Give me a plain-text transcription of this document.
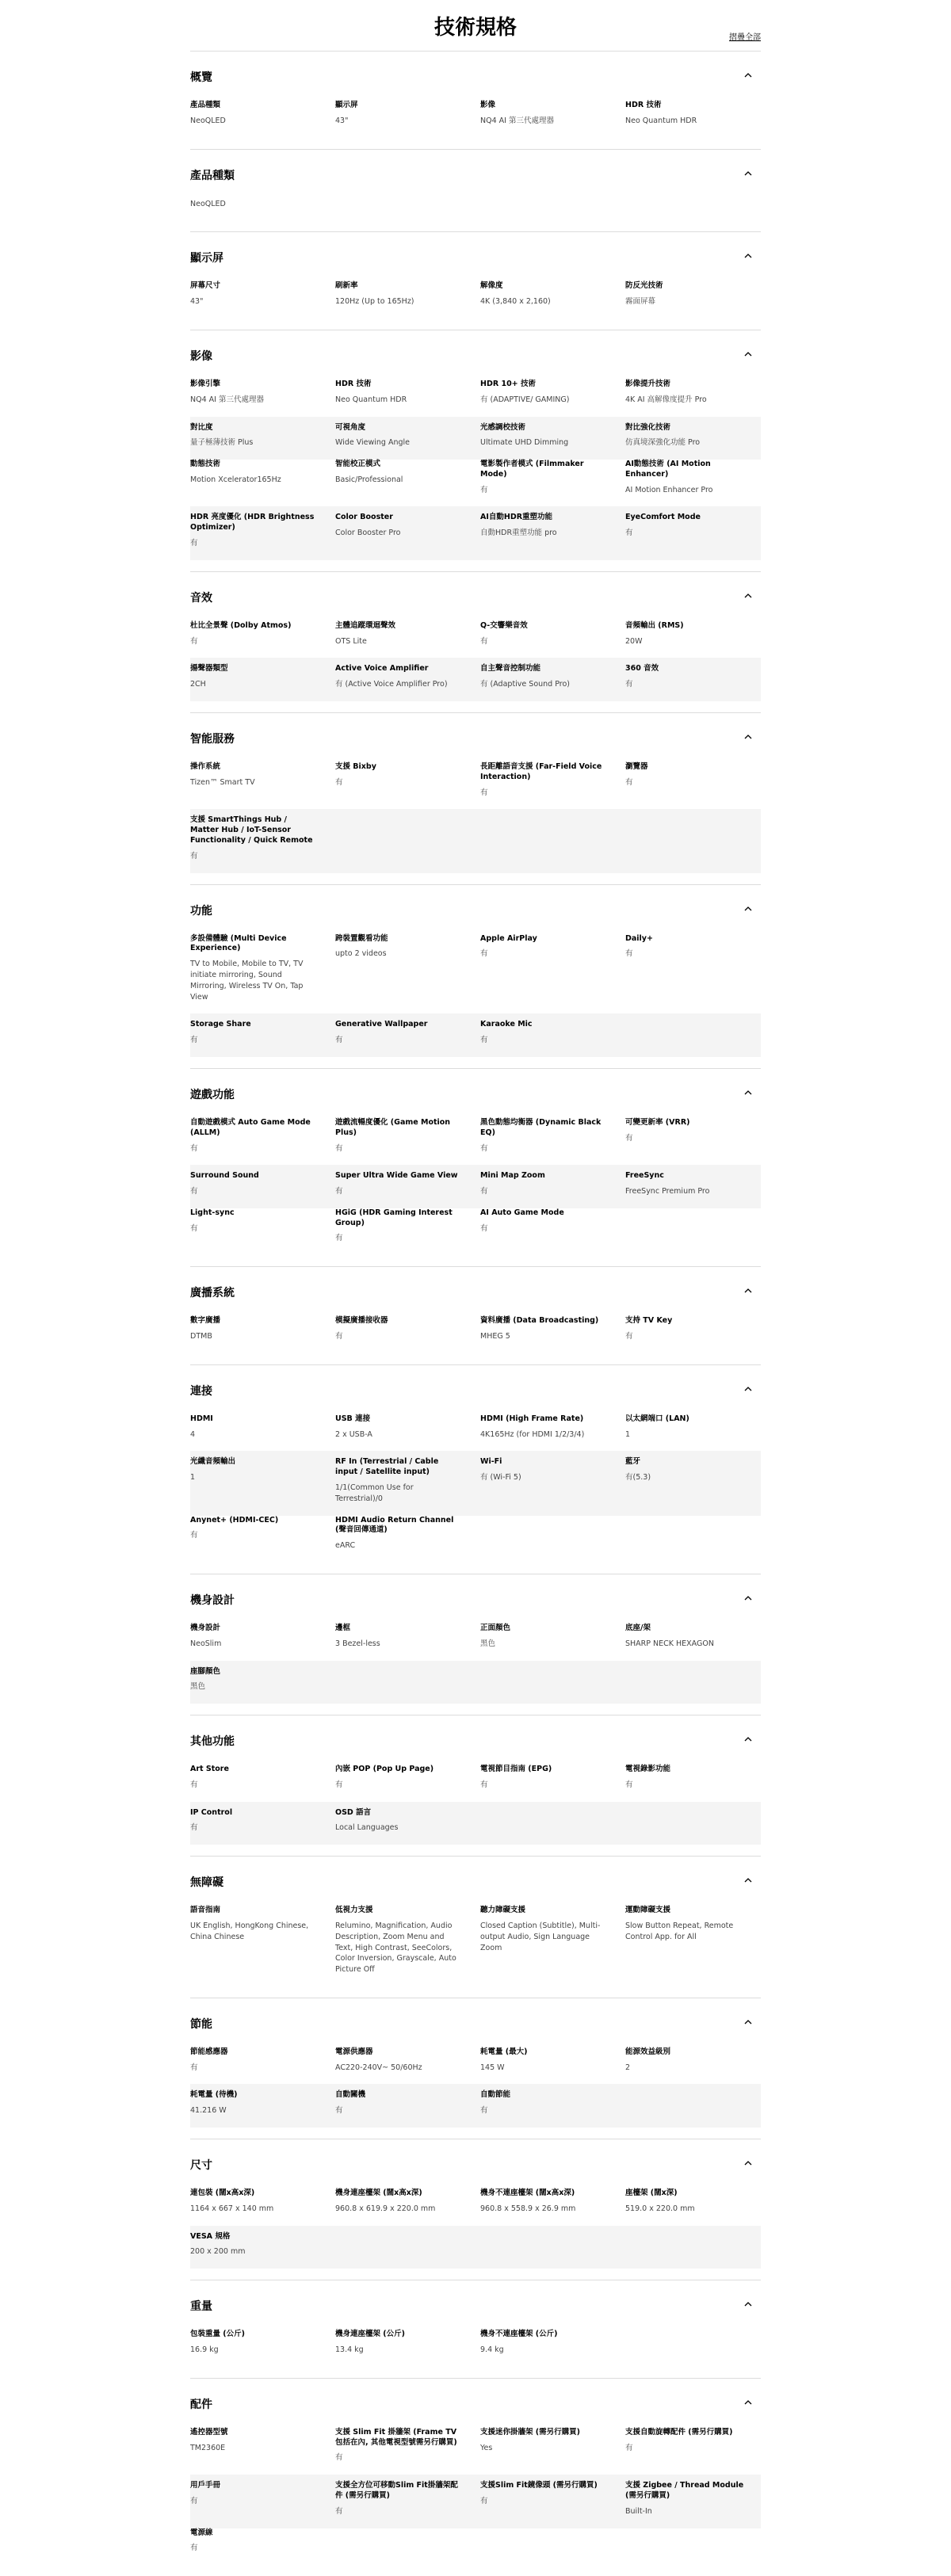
技術規格	摺疊全部
概覽
產品種類
NeoQLED
顯示屏
43"
影像
NQ4 AI 第三代處理器
HDR 技術
Neo Quantum HDR
產品種類
NeoQLED
顯示屏
屏幕尺寸
43"
刷新率
120Hz (Up to 165Hz)
解像度
4K (3,840 x 2,160)
防反光技術
霧面屏幕
影像
影像引擎
NQ4 AI 第三代處理器
HDR 技術
Neo Quantum HDR
HDR 10+ 技術
有 (ADAPTIVE/ GAMING)
影像提升技術
4K AI 高解像度提升 Pro
對比度
量子極薄技術 Plus
可視角度
Wide Viewing Angle
光感調校技術
Ultimate UHD Dimming
對比強化技術
仿真境深強化功能 Pro
動態技術
Motion Xcelerator165Hz
智能校正模式
Basic/Professional
電影製作者模式 (Filmmaker Mode)
有
AI動態技術 (AI Motion Enhancer)
AI Motion Enhancer Pro
HDR 亮度優化 (HDR Brightness Optimizer)
有
Color Booster
Color Booster Pro
AI自動HDR重塑功能
自動HDR重塑功能 pro
EyeComfort Mode
有
音效
杜比全景聲 (Dolby Atmos)
有
主體追蹤環迴聲效
OTS Lite
Q-交響樂音效
有
音頻輸出 (RMS)
20W
揚聲器類型
2CH
Active Voice Amplifier
有 (Active Voice Amplifier Pro)
自主聲音控制功能
有 (Adaptive Sound Pro)
360 音效
有
智能服務
操作系統
Tizen™ Smart TV
支援 Bixby
有
長距離語音支援 (Far-Field Voice Interaction)
有
瀏覽器
有
支援 SmartThings Hub / Matter Hub / IoT-Sensor Functionality / Quick Remote
有
功能
多設備體驗 (Multi Device Experience)
TV to Mobile, Mobile to TV, TV initiate mirroring, Sound Mirroring, Wireless TV On, Tap View
跨裝置觀看功能
upto 2 videos
Apple AirPlay
有
Daily+
有
Storage Share
有
Generative Wallpaper
有
Karaoke Mic
有
遊戲功能
自動遊戲模式 Auto Game Mode (ALLM)
有
遊戲流暢度優化 (Game Motion Plus)
有
黑色動態均衡器 (Dynamic Black EQ)
有
可變更新率 (VRR)
有
Surround Sound
有
Super Ultra Wide Game View
有
Mini Map Zoom
有
FreeSync
FreeSync Premium Pro
Light-sync
有
HGiG (HDR Gaming Interest Group)
有
AI Auto Game Mode
有
廣播系統
數字廣播
DTMB
模擬廣播接收器
有
資料廣播 (Data Broadcasting)
MHEG 5
支持 TV Key
有
連接
HDMI
4
USB 連接
2 x USB-A
HDMI (High Frame Rate)
4K165Hz (for HDMI 1/2/3/4)
以太網端口 (LAN)
1
光纖音頻輸出
1
RF In (Terrestrial / Cable input / Satellite input)
1/1(Common Use for Terrestrial)/0
Wi-Fi
有 (Wi-Fi 5)
藍牙
有(5.3)
Anynet+ (HDMI-CEC)
有
HDMI Audio Return Channel (聲音回傳通道)
eARC
機身設計
機身設計
NeoSlim
邊框
3 Bezel-less
正面顏色
黑色
底座/架
SHARP NECK HEXAGON
座腳顏色
黑色
其他功能
Art Store
有
內嵌 POP (Pop Up Page)
有
電視節目指南 (EPG)
有
電視錄影功能
有
IP Control
有
OSD 語言
Local Languages
無障礙
語音指南
UK English, HongKong Chinese, China Chinese
低視力支援
Relumino, Magnification, Audio Description, Zoom Menu and Text, High Contrast, SeeColors, Color Inversion, Grayscale, Auto Picture Off
聽力障礙支援
Closed Caption (Subtitle), Multi-output Audio, Sign Language Zoom
運動障礙支援
Slow Button Repeat, Remote Control App. for All
節能
節能感應器
有
電源供應器
AC220-240V~ 50/60Hz
耗電量 (最大)
145 W
能源效益級別
2
耗電量 (待機)
41.216 W
自動關機
有
自動節能
有
尺寸
連包裝 (闊x高x深)
1164 x 667 x 140 mm
機身連座檯架 (闊x高x深)
960.8 x 619.9 x 220.0 mm
機身不連座檯架 (闊x高x深)
960.8 x 558.9 x 26.9 mm
座檯架 (闊x深)
519.0 x 220.0 mm
VESA 規格
200 x 200 mm
重量
包裝重量 (公斤)
16.9 kg
機身連座檯架 (公斤)
13.4 kg
機身不連座檯架 (公斤)
9.4 kg
配件
遙控器型號
TM2360E
支援 Slim Fit 掛牆架 (Frame TV 包括在內, 其他電視型號需另行購買)
有
支援迷你掛牆架 (需另行購買)
Yes
支援自動旋轉配件 (需另行購買)
有
用戶手冊
有
支援全方位可移動Slim Fit掛牆架配件 (需另行購買)
有
支援Slim Fit鏡像頭 (需另行購買)
有
支援 Zigbee / Thread Module (需另行購買)
Built-In
電源線
有
